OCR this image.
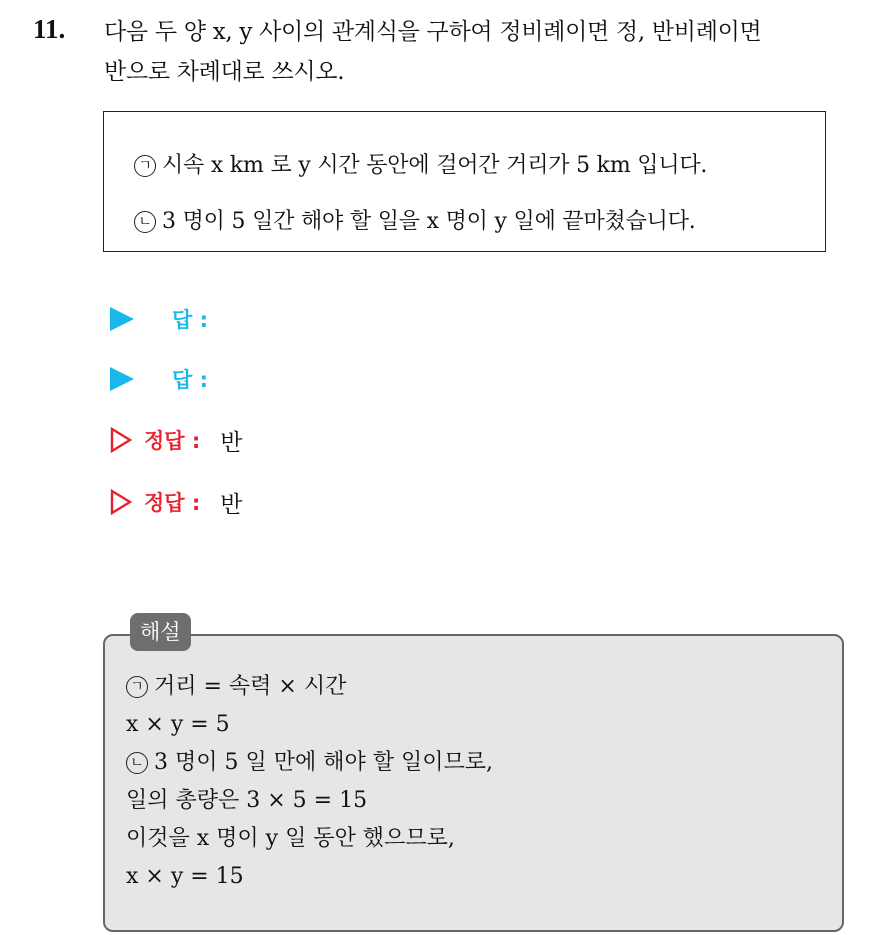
11. 다음 두 양 x, y 사이의 관계식을 구하여 정비례이면 정, 반비례이면
반으로 차례대로 쓰시오.
ㄱ 시속 x km 로 y 시간 동안에 걸어간 거리가 5 km 입니다.
ㄴ 3 명이 5 일간 해야 할 일을 x 명이 y 일에 끝마쳤습니다.
답 :
답 :
정답 : 반
정답 : 반
해설
ㄱ 거리 = 속력 × 시간
x × y = 5
ㄴ 3 명이 5 일 만에 해야 할 일이므로,
일의 총량은 3 × 5 = 15
이것을 x 명이 y 일 동안 했으므로,
x × y = 15
